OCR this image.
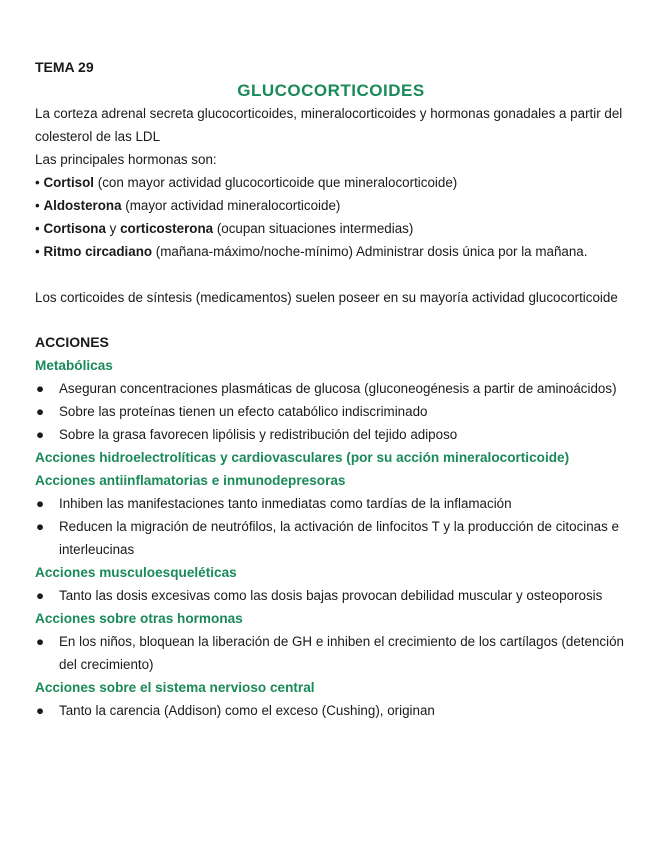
TEMA 29
GLUCOCORTICOIDES

La corteza adrenal secreta glucocorticoides, mineralocorticoides y hormonas gonadales a partir del colesterol de las LDL

Las principales hormonas son:

• Cortisol (con mayor actividad glucocorticoide que mineralocorticoide)
• Aldosterona (mayor actividad mineralocorticoide)
• Cortisona y corticosterona (ocupan situaciones intermedias)
• Ritmo circadiano (mañana-máximo/noche-mínimo) Administrar dosis única por la mañana.

Los corticoides de síntesis (medicamentos) suelen poseer en su mayoría actividad glucocorticoide

ACCIONES
Metabólicas
● Aseguran concentraciones plasmáticas de glucosa (gluconeogénesis a partir de aminoácidos)
● Sobre las proteínas tienen un efecto catabólico indiscriminado
● Sobre la grasa favorecen lipólisis y redistribución del tejido adiposo
Acciones hidroelectrolíticas y cardiovasculares (por su acción mineralocorticoide)
Acciones antiinflamatorias e inmunodepresoras
● Inhiben las manifestaciones tanto inmediatas como tardías de la inflamación
● Reducen la migración de neutrófilos, la activación de linfocitos T y la producción de citocinas e interleucinas
Acciones musculoesqueléticas
● Tanto las dosis excesivas como las dosis bajas provocan debilidad muscular y osteoporosis
Acciones sobre otras hormonas
● En los niños, bloquean la liberación de GH e inhiben el crecimiento de los cartílagos (detención del crecimiento)
Acciones sobre el sistema nervioso central
● Tanto la carencia (Addison) como el exceso (Cushing), originan
